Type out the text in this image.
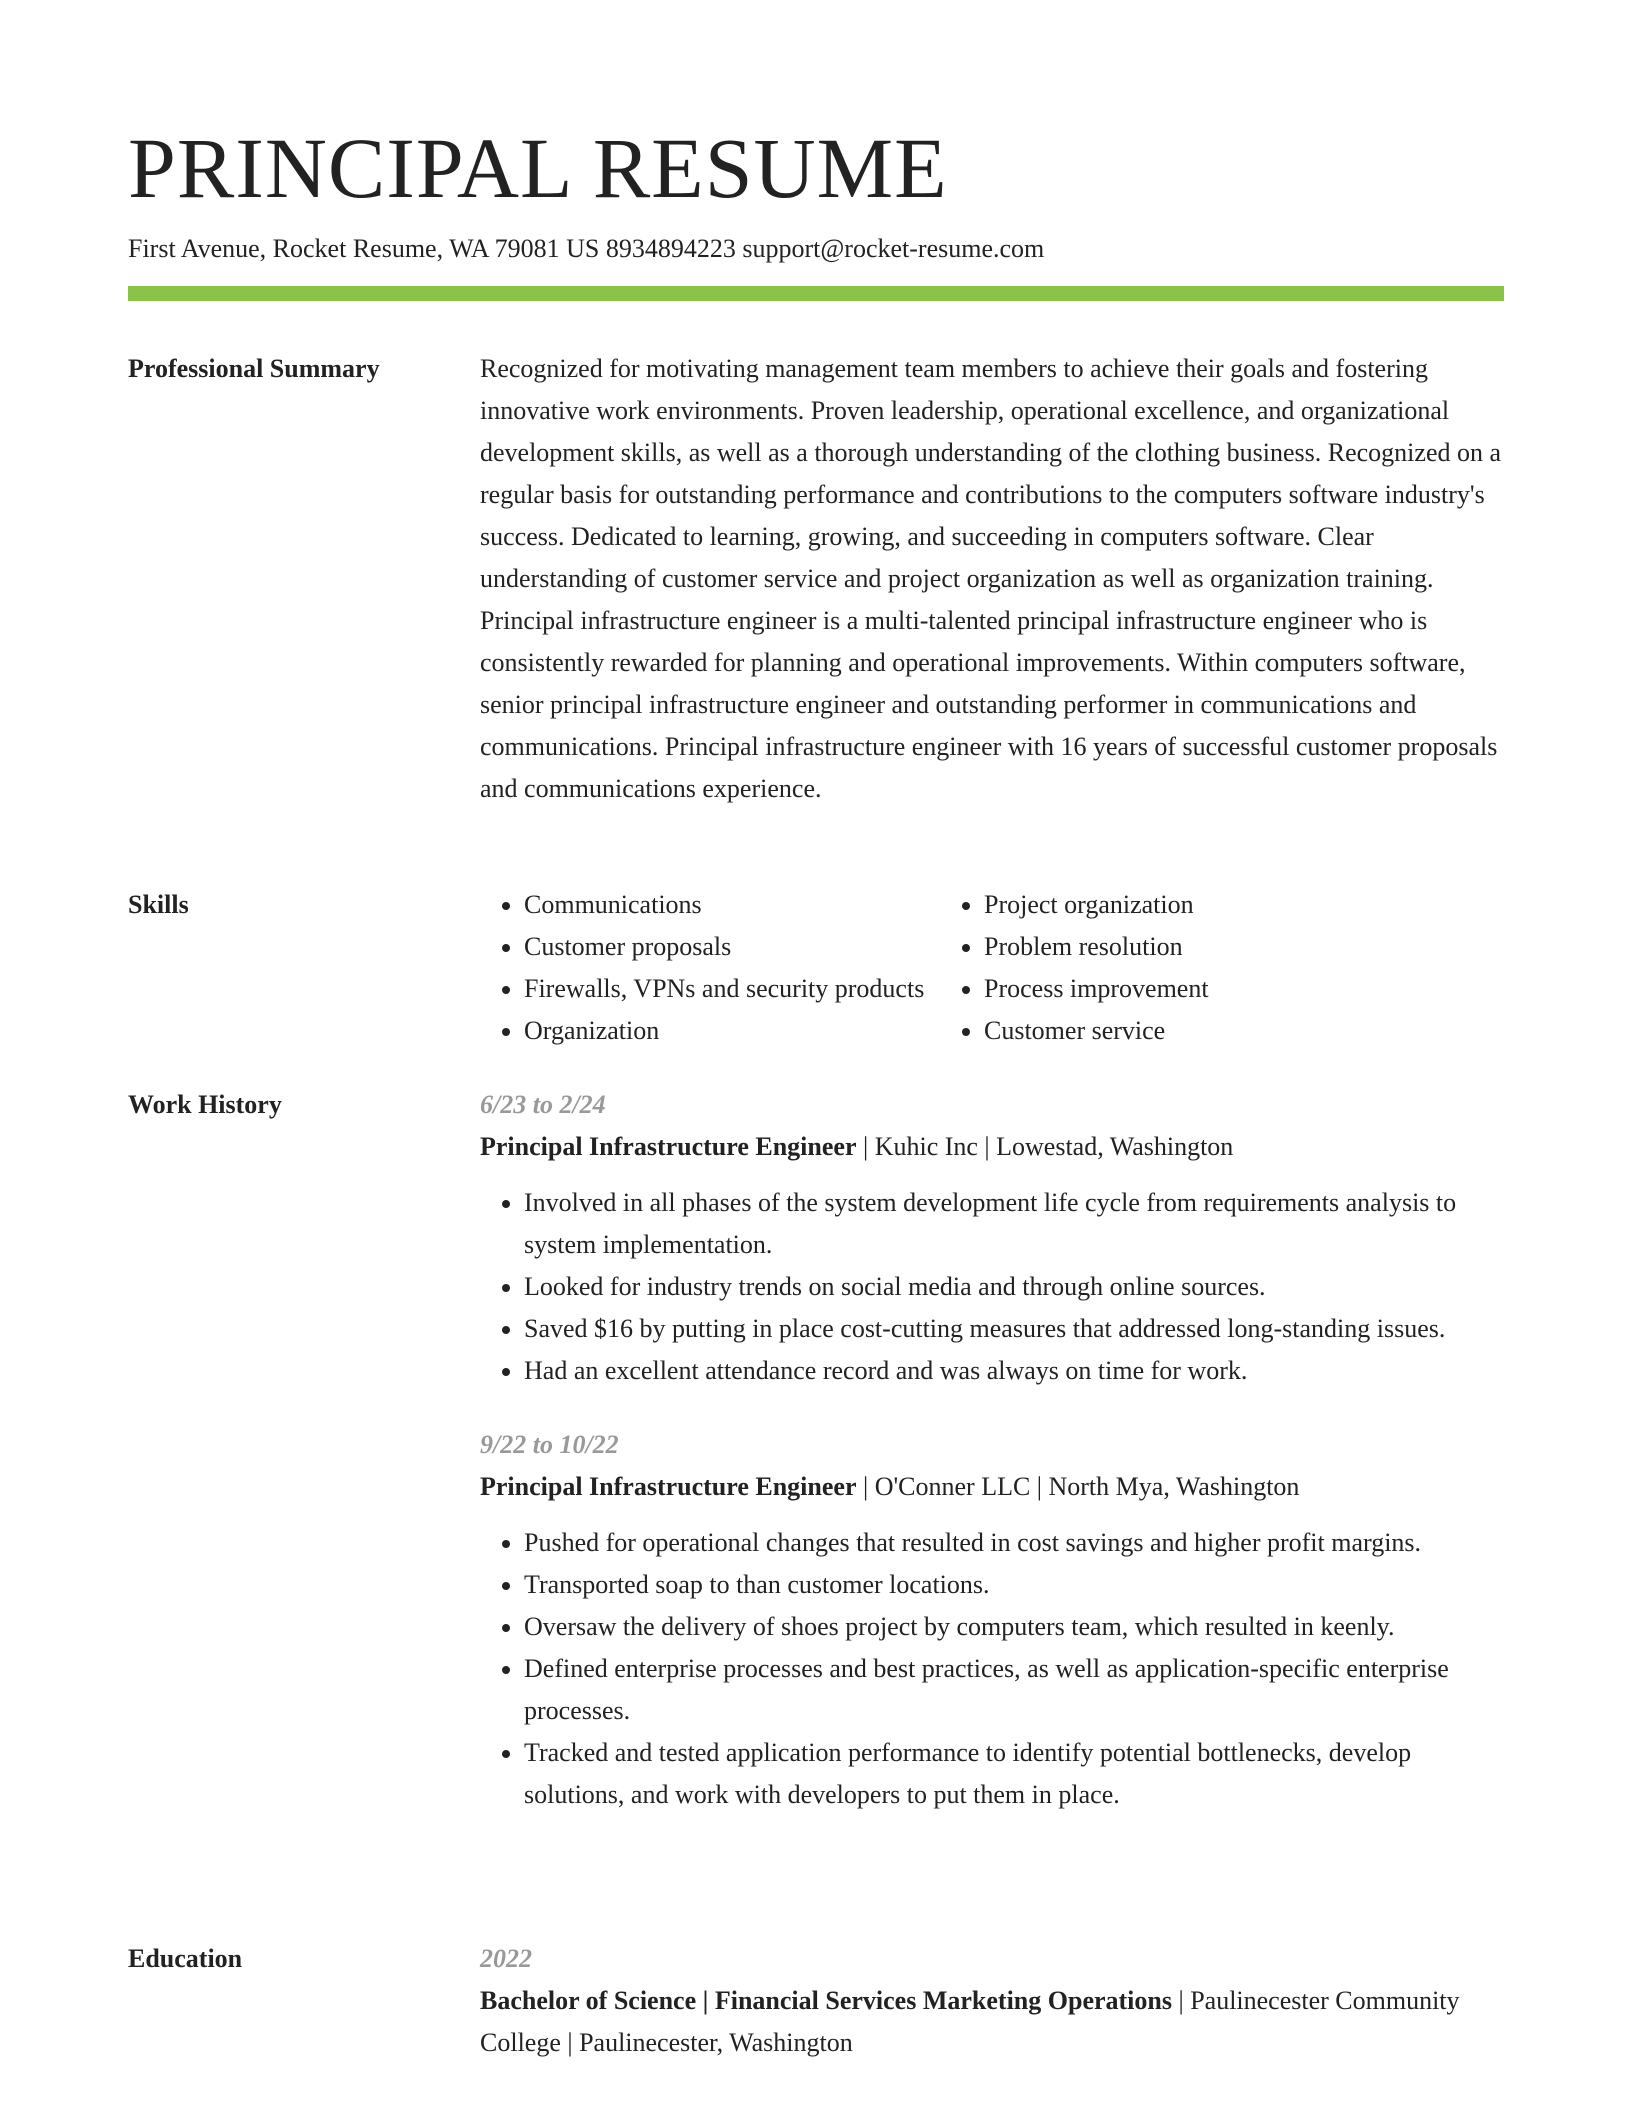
PRINCIPAL RESUME
First Avenue, Rocket Resume, WA 79081 US 8934894223 support@rocket-resume.com
Professional Summary	Recognized for motivating management team members to achieve their goals and fostering innovative work environments. Proven leadership, operational excellence, and organizational development skills, as well as a thorough understanding of the clothing business. Recognized on a regular basis for outstanding performance and contributions to the computers software industry's success. Dedicated to learning, growing, and succeeding in computers software. Clear understanding of customer service and project organization as well as organization training. Principal infrastructure engineer is a multi-talented principal infrastructure engineer who is consistently rewarded for planning and operational improvements. Within computers software, senior principal infrastructure engineer and outstanding performer in communications and communications. Principal infrastructure engineer with 16 years of successful customer proposals and communications experience.

Skills
•	Communications
• Customer proposals
• Firewalls, VPNs and security products
• Organization
• Project organization
• Problem resolution
• Process improvement
• Customer service
Work History	6/23 to 2/24
Principal Infrastructure Engineer | Kuhic Inc | Lowestad, Washington
• Involved in all phases of the system development life cycle from requirements analysis to system implementation.
• Looked for industry trends on social media and through online sources.
• Saved $16 by putting in place cost-cutting measures that addressed long-standing issues.
• Had an excellent attendance record and was always on time for work.
9/22 to 10/22
Principal Infrastructure Engineer | O'Conner LLC | North Mya, Washington
• Pushed for operational changes that resulted in cost savings and higher profit margins.
• Transported soap to than customer locations.
• Oversaw the delivery of shoes project by computers team, which resulted in keenly.
• Defined enterprise processes and best practices, as well as application-specific enterprise processes.
• Tracked and tested application performance to identify potential bottlenecks, develop solutions, and work with developers to put them in place.
Education	2022
Bachelor of Science | Financial Services Marketing Operations | Paulinecester Community College | Paulinecester, Washington
